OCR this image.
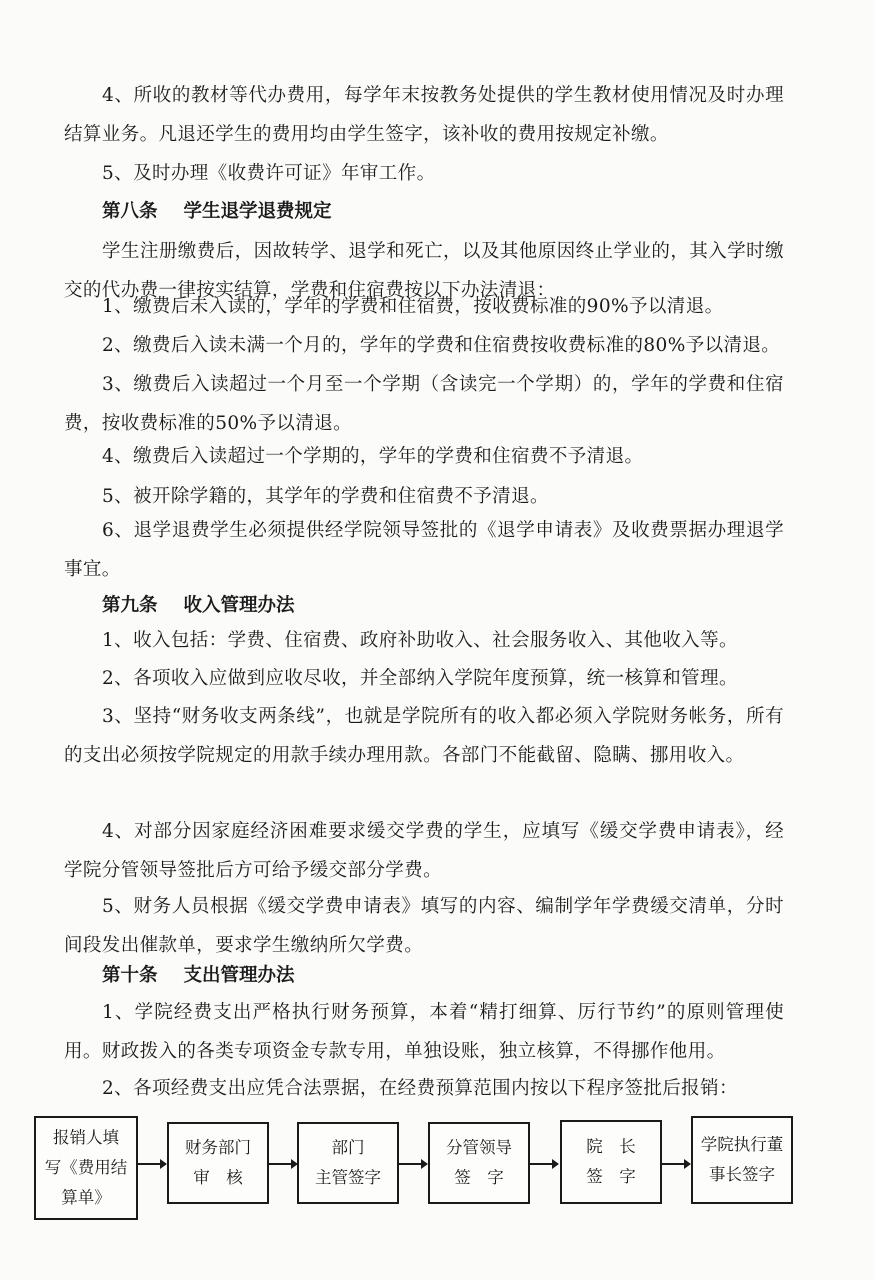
4、所收的教材等代办费用，每学年末按教务处提供的学生教材使用情况及时办理结算业务。凡退还学生的费用均由学生签字，该补收的费用按规定补缴。

5、及时办理《收费许可证》年审工作。

第八条 学生退学退费规定

学生注册缴费后，因故转学、退学和死亡，以及其他原因终止学业的，其入学时缴交的代办费一律按实结算，学费和住宿费按以下办法清退：

1、缴费后未入读的，学年的学费和住宿费，按收费标准的90%予以清退。

2、缴费后入读未满一个月的，学年的学费和住宿费按收费标准的80%予以清退。

3、缴费后入读超过一个月至一个学期（含读完一个学期）的，学年的学费和住宿费，按收费标准的50%予以清退。

4、缴费后入读超过一个学期的，学年的学费和住宿费不予清退。

5、被开除学籍的，其学年的学费和住宿费不予清退。

6、退学退费学生必须提供经学院领导签批的《退学申请表》及收费票据办理退学事宜。

第九条 收入管理办法

1、收入包括：学费、住宿费、政府补助收入、社会服务收入、其他收入等。

2、各项收入应做到应收尽收，并全部纳入学院年度预算，统一核算和管理。

3、坚持“财务收支两条线”，也就是学院所有的收入都必须入学院财务帐务，所有的支出必须按学院规定的用款手续办理用款。各部门不能截留、隐瞒、挪用收入。

4、对部分因家庭经济困难要求缓交学费的学生，应填写《缓交学费申请表》，经学院分管领导签批后方可给予缓交部分学费。

5、财务人员根据《缓交学费申请表》填写的内容、编制学年学费缓交清单，分时间段发出催款单，要求学生缴纳所欠学费。

第十条 支出管理办法

1、学院经费支出严格执行财务预算，本着“精打细算、厉行节约”的原则管理使用。财政拨入的各类专项资金专款专用，单独设账，独立核算，不得挪作他用。

2、各项经费支出应凭合法票据，在经费预算范围内按以下程序签批后报销：

报销人填
写《费用结
算单》
财务部门
审　核
部门
主管签字
分管领导
签　字
院　长
签　字
学院执行董
事长签字
